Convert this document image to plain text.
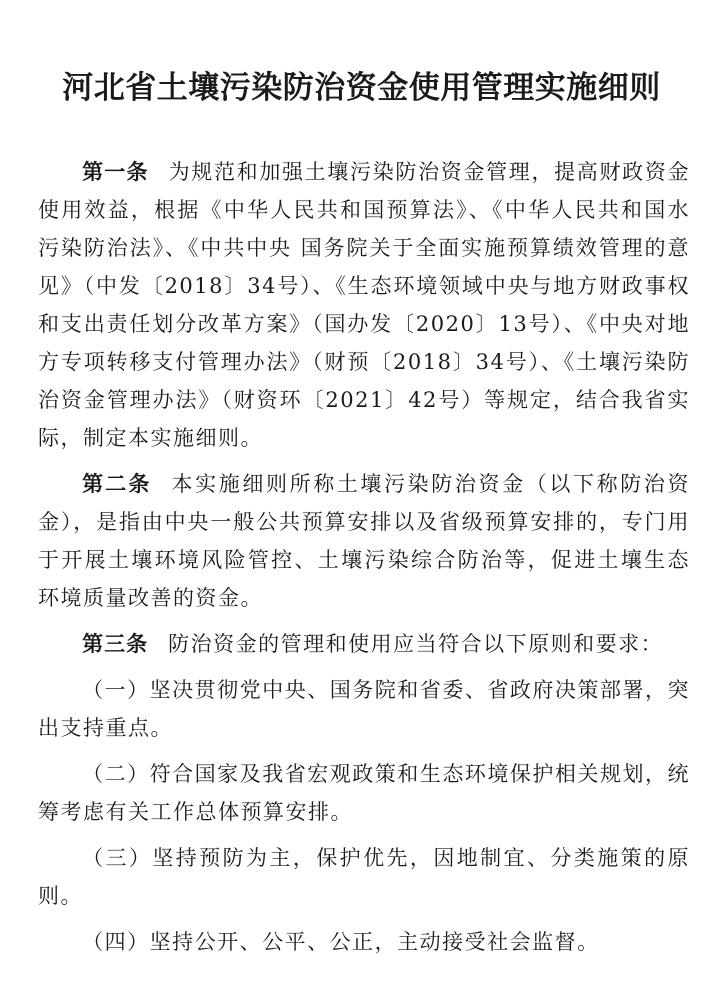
河北省土壤污染防治资金使用管理实施细则

第一条 为规范和加强土壤污染防治资金管理，提高财政资金使用效益，根据《中华人民共和国预算法》、《中华人民共和国水污染防治法》、《中共中央 国务院关于全面实施预算绩效管理的意见》（中发〔2018〕34号）、《生态环境领域中央与地方财政事权和支出责任划分改革方案》（国办发〔2020〕13号）、《中央对地方专项转移支付管理办法》（财预〔2018〕34号）、《土壤污染防治资金管理办法》（财资环〔2021〕42号）等规定，结合我省实际，制定本实施细则。

第二条 本实施细则所称土壤污染防治资金（以下称防治资金），是指由中央一般公共预算安排以及省级预算安排的，专门用于开展土壤环境风险管控、土壤污染综合防治等，促进土壤生态环境质量改善的资金。

第三条 防治资金的管理和使用应当符合以下原则和要求：

（一）坚决贯彻党中央、国务院和省委、省政府决策部署，突出支持重点。

（二）符合国家及我省宏观政策和生态环境保护相关规划，统筹考虑有关工作总体预算安排。

（三）坚持预防为主，保护优先，因地制宜、分类施策的原则。

（四）坚持公开、公平、公正，主动接受社会监督。
